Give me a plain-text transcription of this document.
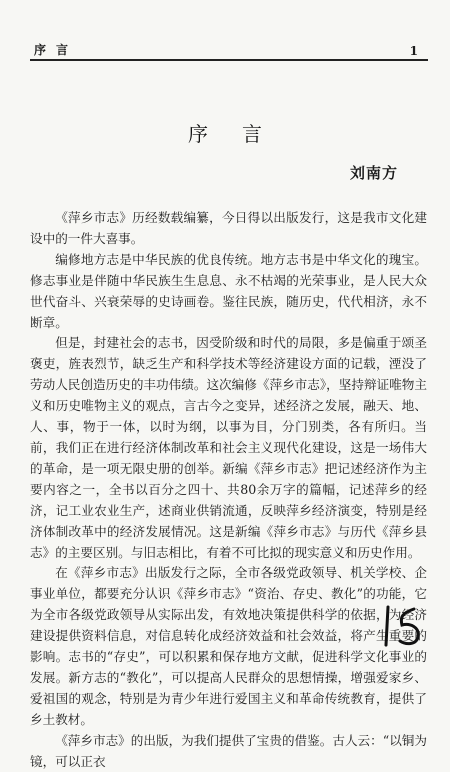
序言	1
序言
刘南方

《萍乡市志》历经数载编纂，今日得以出版发行，这是我市文化建设中的一件大喜事。

编修地方志是中华民族的优良传统。地方志书是中华文化的瑰宝。修志事业是伴随中华民族生生息息、永不枯竭的光荣事业，是人民大众世代奋斗、兴衰荣辱的史诗画卷。鉴往民族，随历史，代代相济，永不断章。

但是，封建社会的志书，因受阶级和时代的局限，多是偏重于颂圣褒吏，旌表烈节，缺乏生产和科学技术等经济建设方面的记载，湮没了劳动人民创造历史的丰功伟绩。这次编修《萍乡市志》，坚持辩证唯物主义和历史唯物主义的观点，言古今之变异，述经济之发展，融天、地、人、事，物于一体，以时为纲，以事为目，分门别类，各有所归。当前，我们正在进行经济体制改革和社会主义现代化建设，这是一场伟大的革命，是一项无限史册的创举。新编《萍乡市志》把记述经济作为主要内容之一，全书以百分之四十、共80余万字的篇幅，记述萍乡的经济，记工业农业生产，述商业供销流通，反映萍乡经济演变，特别是经济体制改革中的经济发展情况。这是新编《萍乡市志》与历代《萍乡县志》的主要区别。与旧志相比，有着不可比拟的现实意义和历史作用。

在《萍乡市志》出版发行之际，全市各级党政领导、机关学校、企事业单位，都要充分认识《萍乡市志》“资治、存史、教化”的功能，它为全市各级党政领导从实际出发，有效地决策提供科学的依据，为经济建设提供资料信息，对信息转化成经济效益和社会效益，将产生重要的影响。志书的“存史”，可以积累和保存地方文献，促进科学文化事业的发展。新方志的“教化”，可以提高人民群众的思想情操，增强爱家乡、爱祖国的观念，特别是为青少年进行爱国主义和革命传统教育，提供了乡土教材。

《萍乡市志》的出版，为我们提供了宝贵的借鉴。古人云：“以铜为镜，可以正衣
